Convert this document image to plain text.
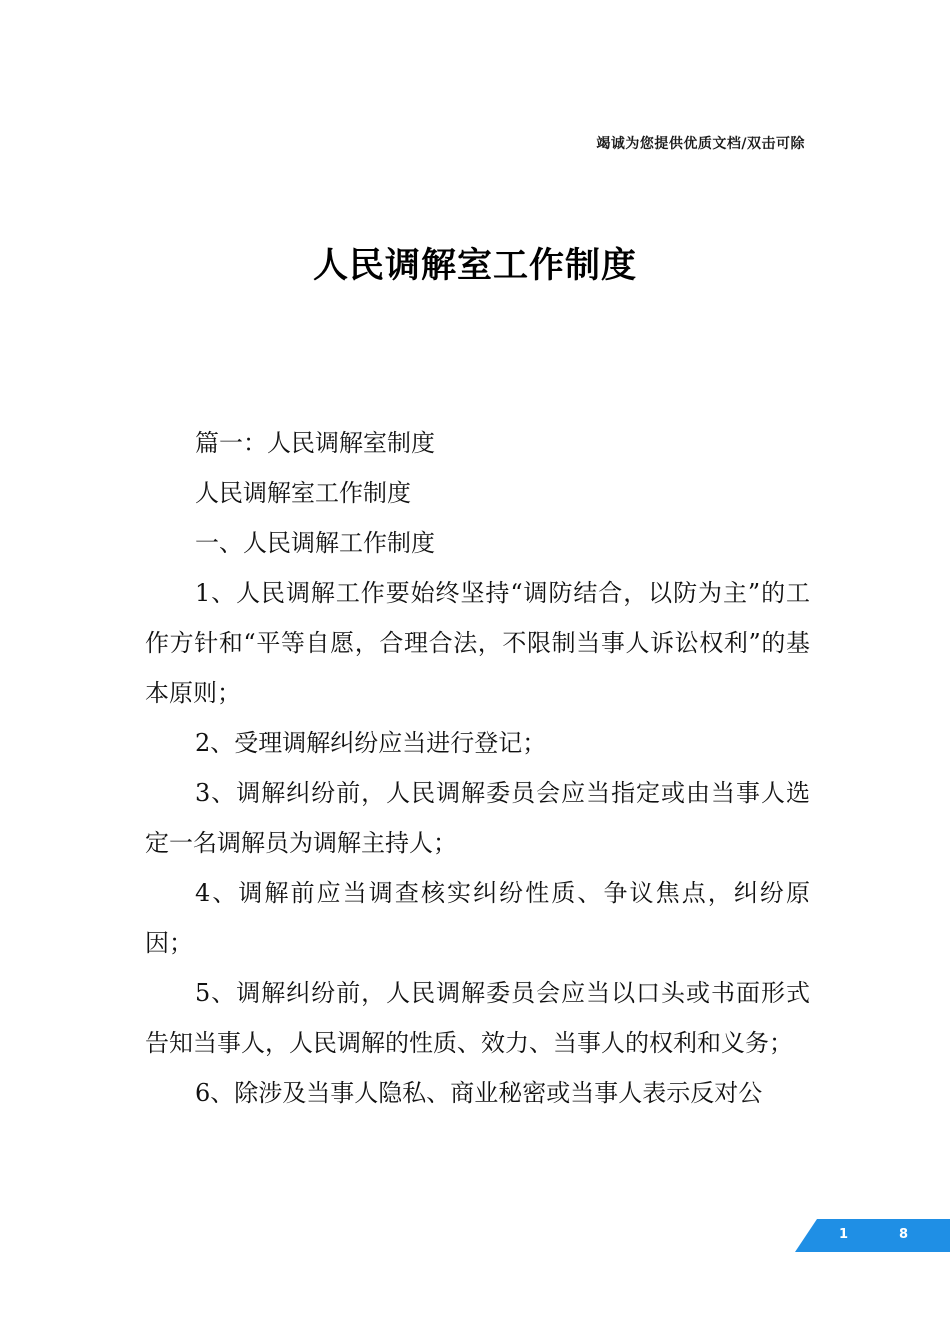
竭诚为您提供优质文档/双击可除
人民调解室工作制度

篇一：人民调解室制度

人民调解室工作制度

一、人民调解工作制度

1、人民调解工作要始终坚持“调防结合，以防为主”的工作方针和“平等自愿，合理合法，不限制当事人诉讼权利”的基本原则；

2、受理调解纠纷应当进行登记；

3、调解纠纷前，人民调解委员会应当指定或由当事人选定一名调解员为调解主持人；

4、调解前应当调查核实纠纷性质、争议焦点，纠纷原因；

5、调解纠纷前，人民调解委员会应当以口头或书面形式告知当事人，人民调解的性质、效力、当事人的权利和义务；

6、除涉及当事人隐私、商业秘密或当事人表示反对公

1	8
